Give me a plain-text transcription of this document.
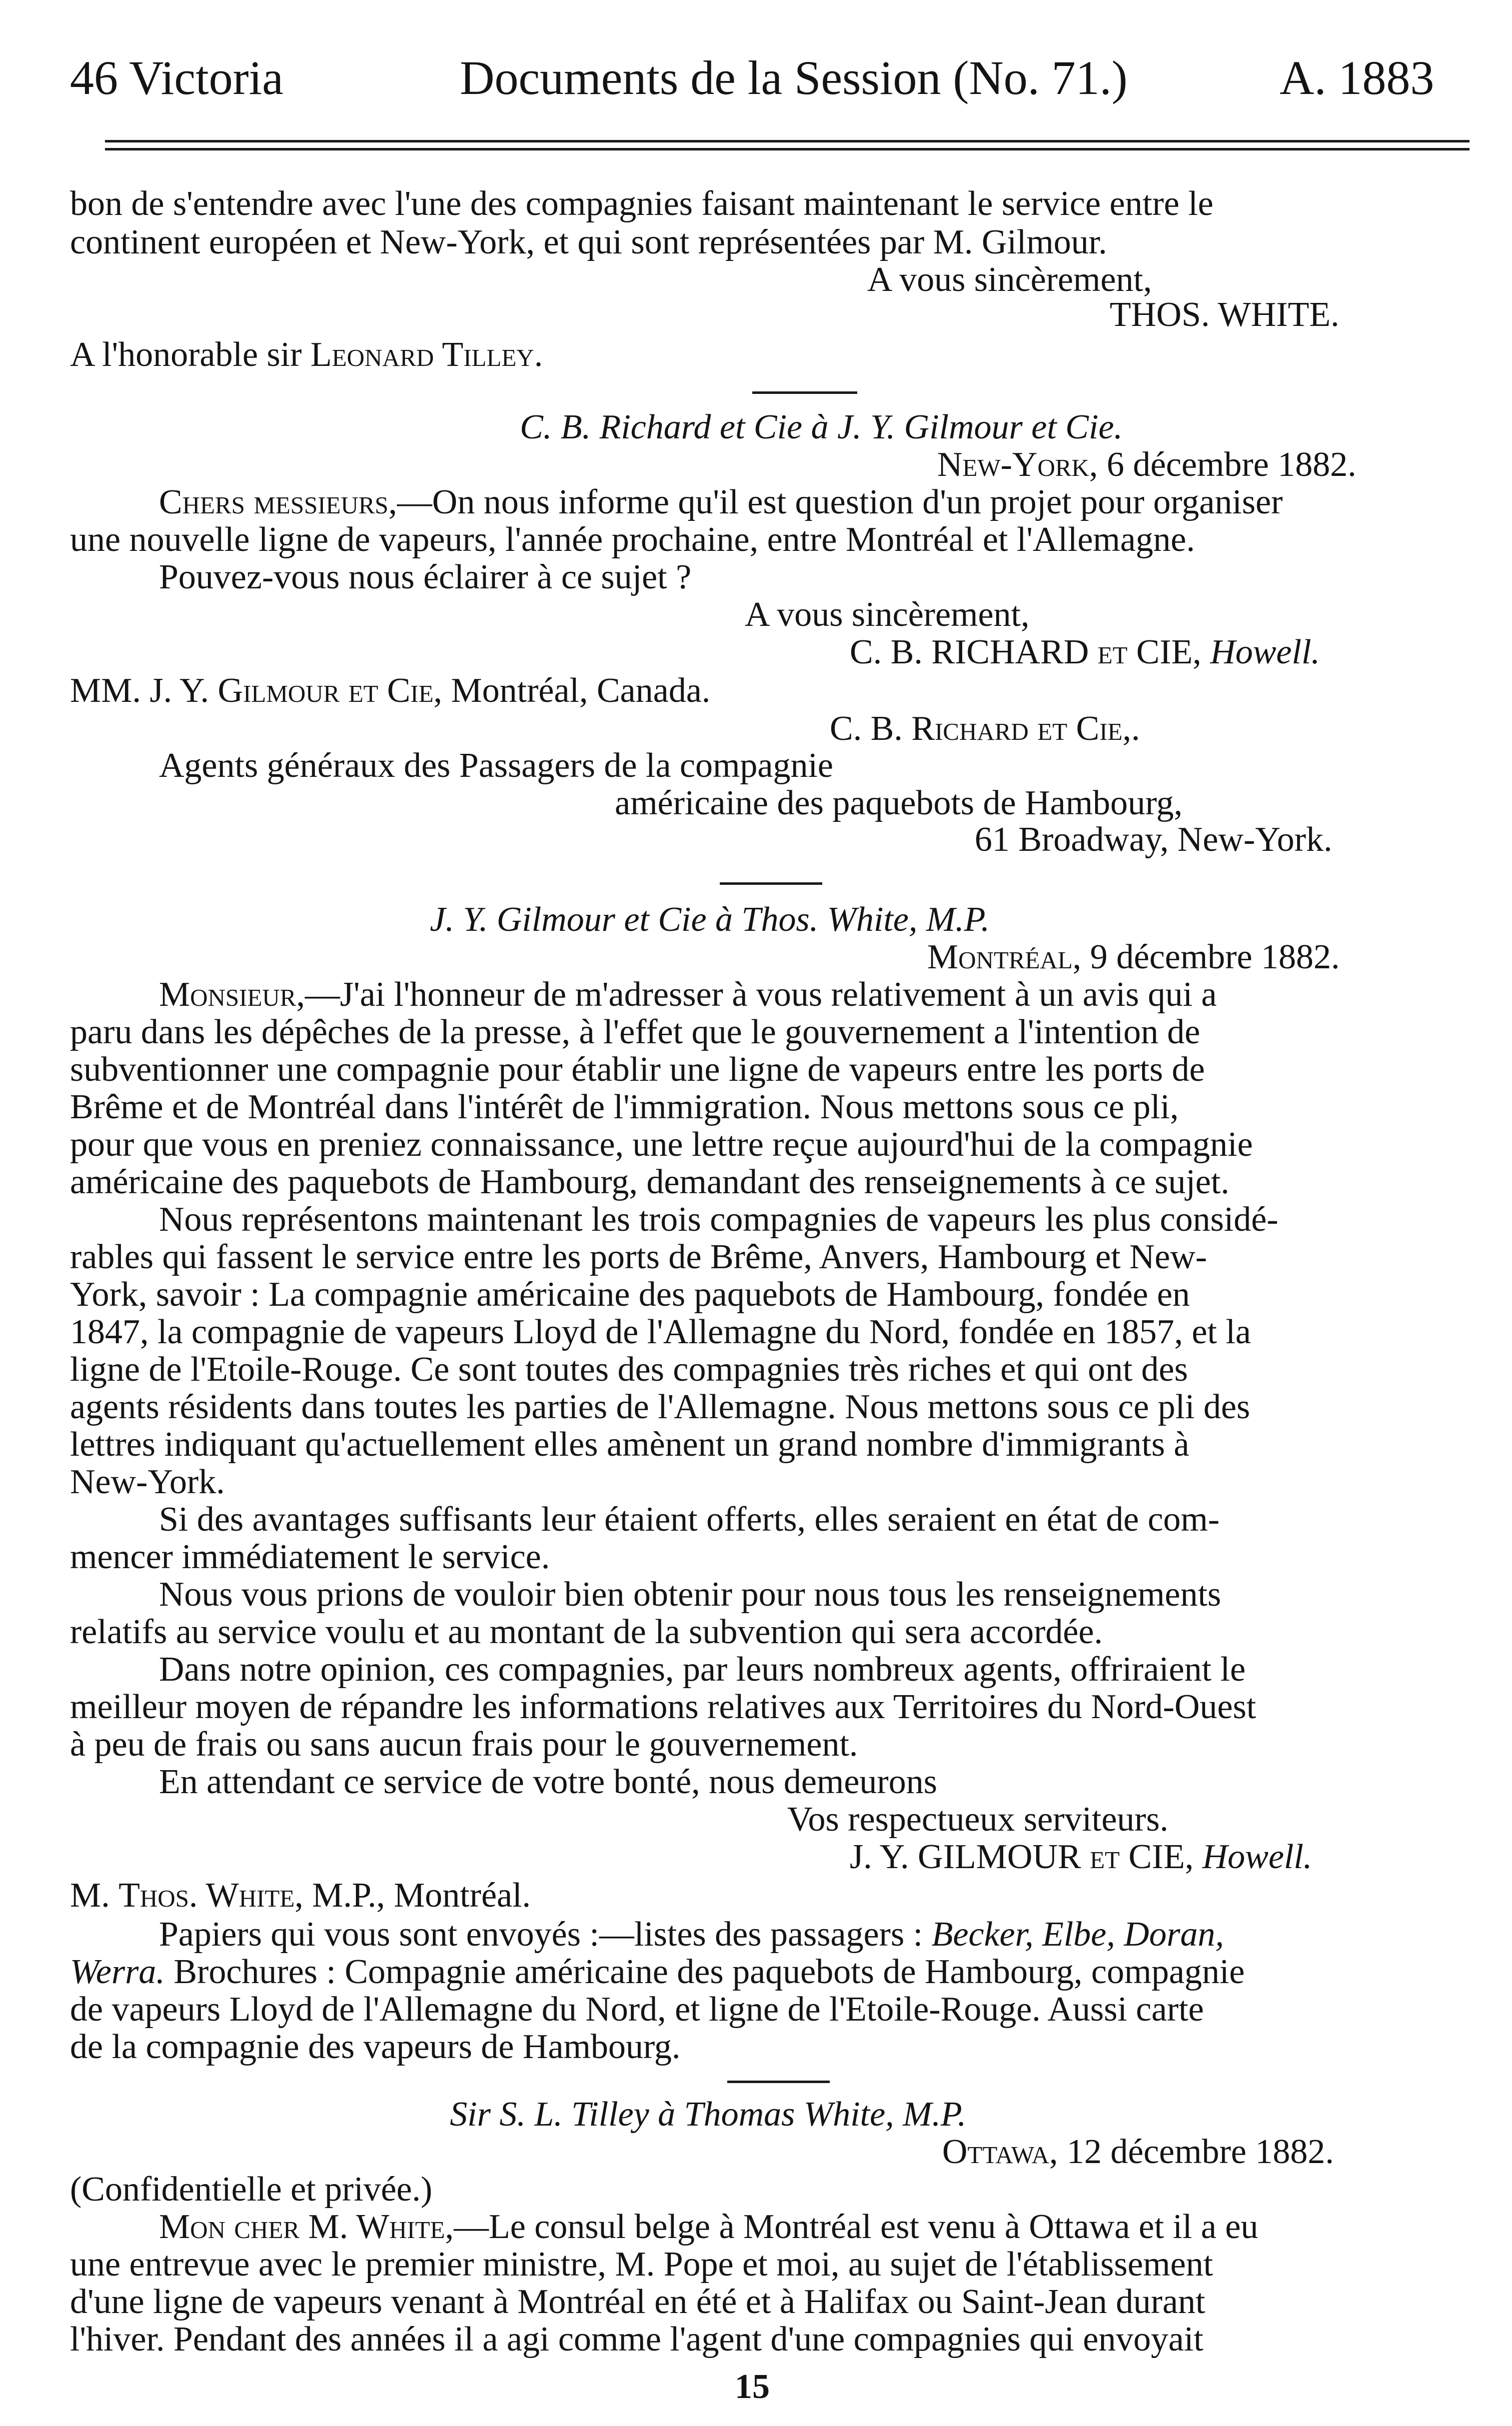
46 Victoria	Documents de la Session (No. 71.)	A. 1883
bon de s'entendre avec l'une des compagnies faisant maintenant le service entre le
continent européen et New-York, et qui sont représentées par M. Gilmour.
A vous sincèrement,
THOS. WHITE.
A l'honorable sir Leonard Tilley.
C. B. Richard et Cie à J. Y. Gilmour et Cie.
New-York, 6 décembre 1882.
Chers messieurs,—On nous informe qu'il est question d'un projet pour organiser
une nouvelle ligne de vapeurs, l'année prochaine, entre Montréal et l'Allemagne.
Pouvez-vous nous éclairer à ce sujet ?
A vous sincèrement,
C. B. RICHARD et CIE, Howell.
MM. J. Y. Gilmour et Cie, Montréal, Canada.
C. B. Richard et Cie,.
Agents généraux des Passagers de la compagnie
américaine des paquebots de Hambourg,
61 Broadway, New-York.
J. Y. Gilmour et Cie à Thos. White, M.P.
Montréal, 9 décembre 1882.
Monsieur,—J'ai l'honneur de m'adresser à vous relativement à un avis qui a
paru dans les dépêches de la presse, à l'effet que le gouvernement a l'intention de
subventionner une compagnie pour établir une ligne de vapeurs entre les ports de
Brême et de Montréal dans l'intérêt de l'immigration. Nous mettons sous ce pli,
pour que vous en preniez connaissance, une lettre reçue aujourd'hui de la compagnie
américaine des paquebots de Hambourg, demandant des renseignements à ce sujet.
Nous représentons maintenant les trois compagnies de vapeurs les plus considé-
rables qui fassent le service entre les ports de Brême, Anvers, Hambourg et New-
York, savoir : La compagnie américaine des paquebots de Hambourg, fondée en
1847, la compagnie de vapeurs Lloyd de l'Allemagne du Nord, fondée en 1857, et la
ligne de l'Etoile-Rouge. Ce sont toutes des compagnies très riches et qui ont des
agents résidents dans toutes les parties de l'Allemagne. Nous mettons sous ce pli des
lettres indiquant qu'actuellement elles amènent un grand nombre d'immigrants à
New-York.
Si des avantages suffisants leur étaient offerts, elles seraient en état de com-
mencer immédiatement le service.
Nous vous prions de vouloir bien obtenir pour nous tous les renseignements
relatifs au service voulu et au montant de la subvention qui sera accordée.
Dans notre opinion, ces compagnies, par leurs nombreux agents, offriraient le
meilleur moyen de répandre les informations relatives aux Territoires du Nord-Ouest
à peu de frais ou sans aucun frais pour le gouvernement.
En attendant ce service de votre bonté, nous demeurons
Vos respectueux serviteurs.
J. Y. GILMOUR et CIE, Howell.
M. Thos. White, M.P., Montréal.
Papiers qui vous sont envoyés :—listes des passagers : Becker, Elbe, Doran,
Werra. Brochures : Compagnie américaine des paquebots de Hambourg, compagnie
de vapeurs Lloyd de l'Allemagne du Nord, et ligne de l'Etoile-Rouge. Aussi carte
de la compagnie des vapeurs de Hambourg.
Sir S. L. Tilley à Thomas White, M.P.
Ottawa, 12 décembre 1882.
(Confidentielle et privée.)
Mon cher M. White,—Le consul belge à Montréal est venu à Ottawa et il a eu
une entrevue avec le premier ministre, M. Pope et moi, au sujet de l'établissement
d'une ligne de vapeurs venant à Montréal en été et à Halifax ou Saint-Jean durant
l'hiver. Pendant des années il a agi comme l'agent d'une compagnies qui envoyait
15
